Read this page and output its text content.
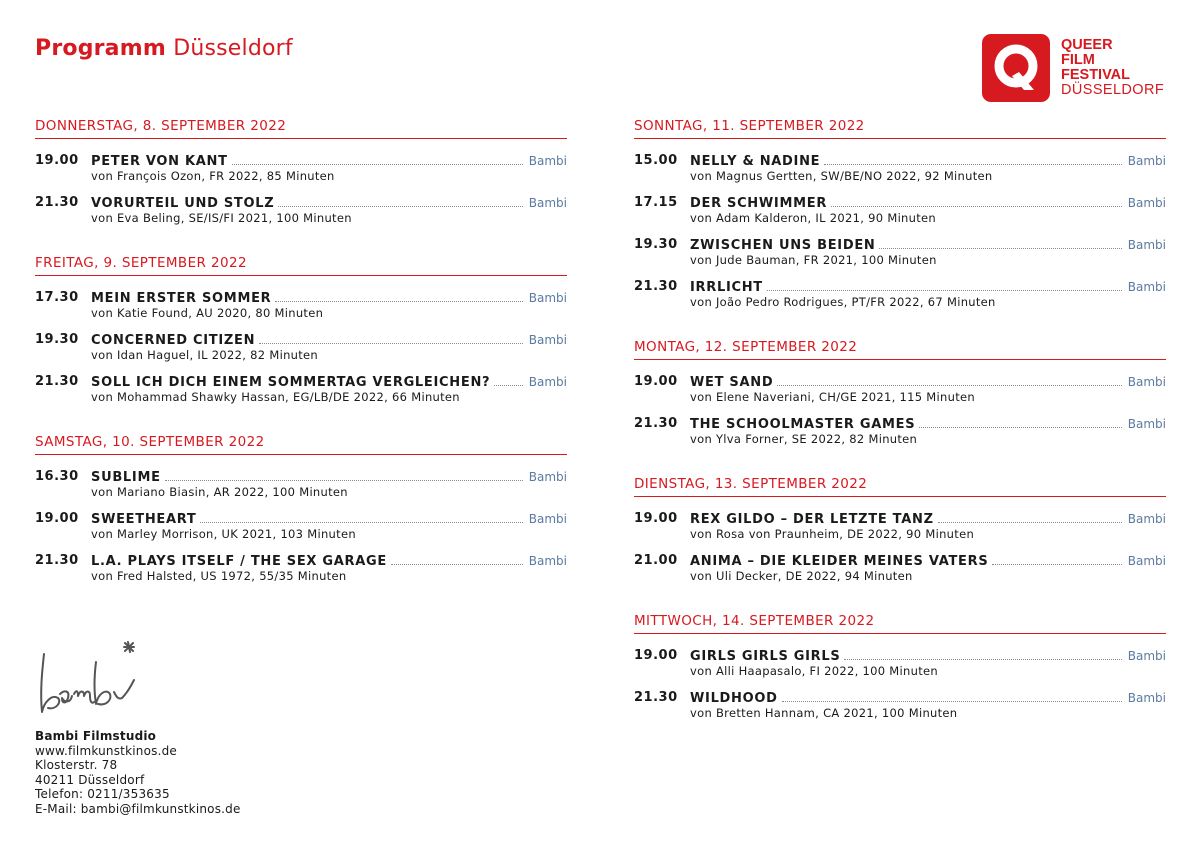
Programm Düsseldorf	QUEER
FILM
FESTIVAL
DÜSSELDORF
DONNERSTAG, 8. SEPTEMBER 2022
19.00 PETER VON KANT	Bambi
von François Ozon, FR 2022, 85 Minuten
21.30 VORURTEIL UND STOLZ	Bambi
von Eva Beling, SE/IS/FI 2021, 100 Minuten
FREITAG, 9. SEPTEMBER 2022
17.30 MEIN ERSTER SOMMER	Bambi
von Katie Found, AU 2020, 80 Minuten
19.30 CONCERNED CITIZEN	Bambi
von Idan Haguel, IL 2022, 82 Minuten
21.30 SOLL ICH DICH EINEM SOMMERTAG VERGLEICHEN?	Bambi
von Mohammad Shawky Hassan, EG/LB/DE 2022, 66 Minuten
SAMSTAG, 10. SEPTEMBER 2022
16.30 SUBLIME	Bambi
von Mariano Biasin, AR 2022, 100 Minuten
19.00 SWEETHEART	Bambi
von Marley Morrison, UK 2021, 103 Minuten
21.30 L.A. PLAYS ITSELF / THE SEX GARAGE	Bambi
von Fred Halsted, US 1972, 55/35 Minuten
SONNTAG, 11. SEPTEMBER 2022
15.00 NELLY & NADINE	Bambi
von Magnus Gertten, SW/BE/NO 2022, 92 Minuten
17.15 DER SCHWIMMER	Bambi
von Adam Kalderon, IL 2021, 90 Minuten
19.30 ZWISCHEN UNS BEIDEN	Bambi
von Jude Bauman, FR 2021, 100 Minuten
21.30 IRRLICHT	Bambi
von João Pedro Rodrigues, PT/FR 2022, 67 Minuten
MONTAG, 12. SEPTEMBER 2022
19.00 WET SAND	Bambi
von Elene Naveriani, CH/GE 2021, 115 Minuten
21.30 THE SCHOOLMASTER GAMES	Bambi
von Ylva Forner, SE 2022, 82 Minuten
DIENSTAG, 13. SEPTEMBER 2022
19.00 REX GILDO – DER LETZTE TANZ	Bambi
von Rosa von Praunheim, DE 2022, 90 Minuten
21.00 ANIMA – DIE KLEIDER MEINES VATERS	Bambi
von Uli Decker, DE 2022, 94 Minuten
MITTWOCH, 14. SEPTEMBER 2022
19.00 GIRLS GIRLS GIRLS	Bambi
von Alli Haapasalo, FI 2022, 100 Minuten
21.30 WILDHOOD	Bambi
von Bretten Hannam, CA 2021, 100 Minuten
Bambi Filmstudio
www.filmkunstkinos.de
Klosterstr. 78
40211 Düsseldorf
Telefon: 0211/353635
E-Mail: bambi@filmkunstkinos.de
